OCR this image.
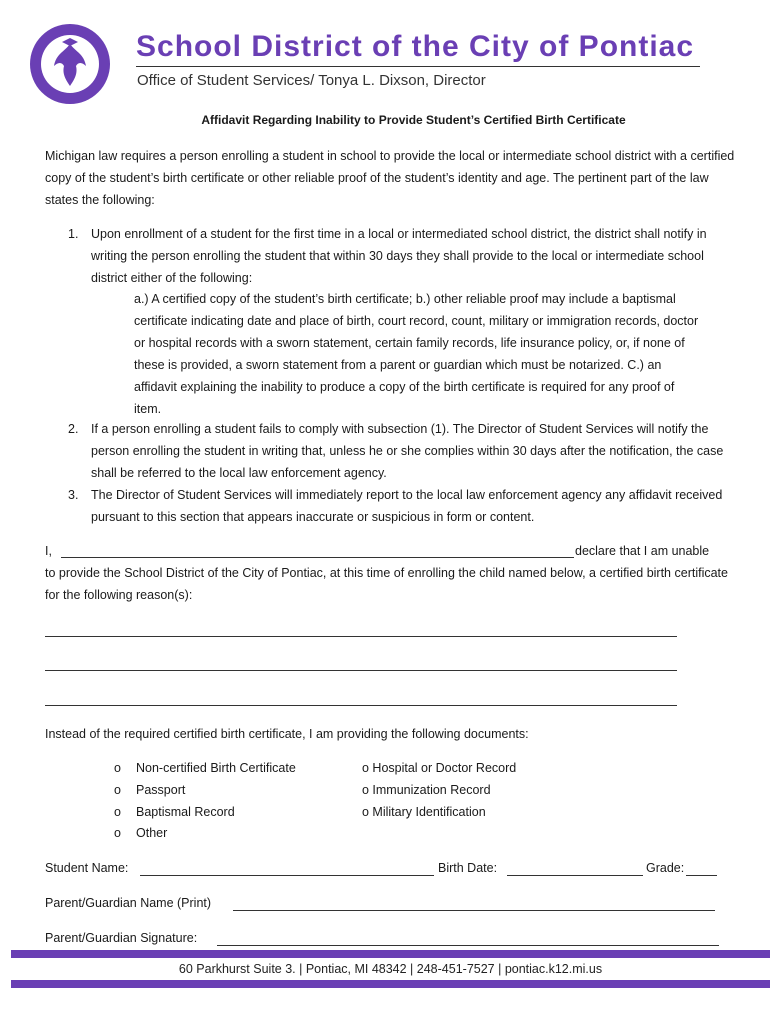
School District of the City of Pontiac
Office of Student Services/ Tonya L. Dixson, Director
Affidavit Regarding Inability to Provide Student’s Certified Birth Certificate
Michigan law requires a person enrolling a student in school to provide the local or intermediate school district with a certified copy of the student’s birth certificate or other reliable proof of the student’s identity and age. The pertinent part of the law states the following:
1. Upon enrollment of a student for the first time in a local or intermediated school district, the district shall notify in writing the person enrolling the student that within 30 days they shall provide to the local or intermediate school district either of the following:
a.) A certified copy of the student’s birth certificate; b.) other reliable proof may include a baptismal certificate indicating date and place of birth, court record, count, military or immigration records, doctor or hospital records with a sworn statement, certain family records, life insurance policy, or, if none of these is provided, a sworn statement from a parent or guardian which must be notarized. C.) an affidavit explaining the inability to produce a copy of the birth certificate is required for any proof of item.
2. If a person enrolling a student fails to comply with subsection (1). The Director of Student Services will notify the person enrolling the student in writing that, unless he or she complies within 30 days after the notification, the case shall be referred to the local law enforcement agency.
3. The Director of Student Services will immediately report to the local law enforcement agency any affidavit received pursuant to this section that appears inaccurate or suspicious in form or content.
I,	declare that I am unable
to provide the School District of the City of Pontiac, at this time of enrolling the child named below, a certified birth certificate for the following reason(s):
Instead of the required certified birth certificate, I am providing the following documents:
o Non-certified Birth Certificate
o Passport
o Baptismal Record
o Other
o Hospital or Doctor Record
o Immunization Record
o Military Identification
Student Name:	Birth Date:	Grade:
Parent/Guardian Name (Print)
Parent/Guardian Signature:
60 Parkhurst Suite 3. | Pontiac, MI 48342 | 248-451-7527 | pontiac.k12.mi.us
